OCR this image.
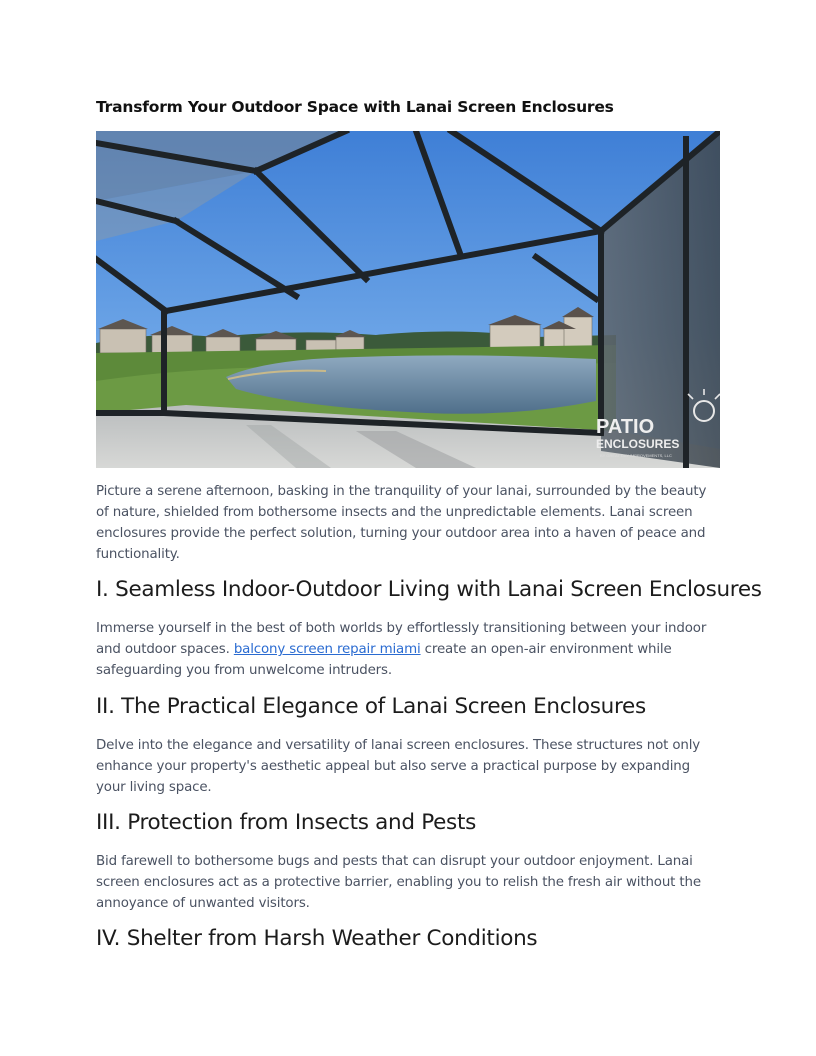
Transform Your Outdoor Space with Lanai Screen Enclosures
PATIO
ENCLOSURES
BY GREAT DAY IMPROVEMENTS, LLC

Picture a serene afternoon, basking in the tranquility of your lanai, surrounded by the beauty of nature, shielded from bothersome insects and the unpredictable elements. Lanai screen enclosures provide the perfect solution, turning your outdoor area into a haven of peace and functionality.

I. Seamless Indoor-Outdoor Living with Lanai Screen Enclosures

Immerse yourself in the best of both worlds by effortlessly transitioning between your indoor and outdoor spaces. balcony screen repair miami create an open-air environment while safeguarding you from unwelcome intruders.

II. The Practical Elegance of Lanai Screen Enclosures

Delve into the elegance and versatility of lanai screen enclosures. These structures not only enhance your property's aesthetic appeal but also serve a practical purpose by expanding your living space.

III. Protection from Insects and Pests

Bid farewell to bothersome bugs and pests that can disrupt your outdoor enjoyment. Lanai screen enclosures act as a protective barrier, enabling you to relish the fresh air without the annoyance of unwanted visitors.

IV. Shelter from Harsh Weather Conditions
